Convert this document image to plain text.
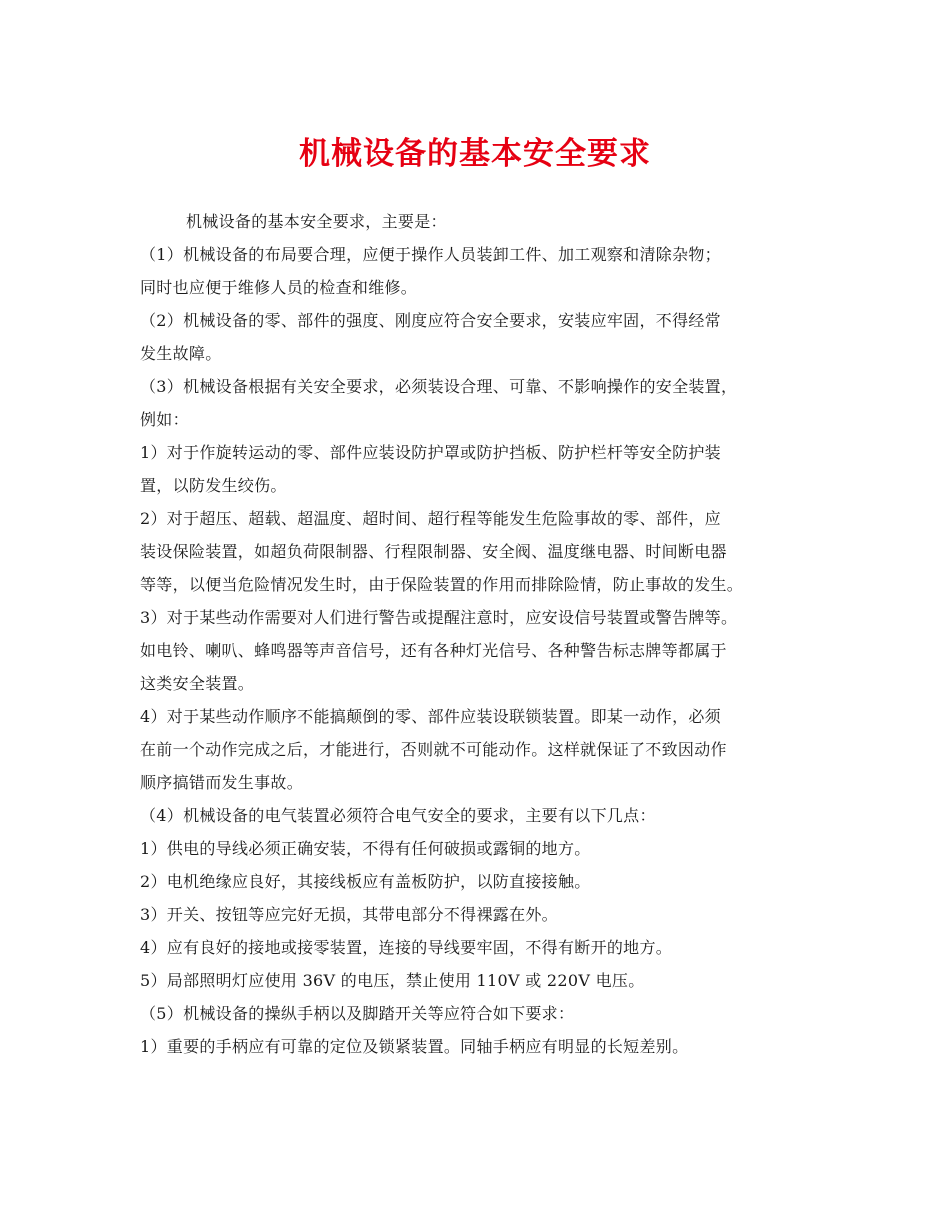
机械设备的基本安全要求
机械设备的基本安全要求，主要是：
（1）机械设备的布局要合理，应便于操作人员装卸工件、加工观察和清除杂物；
同时也应便于维修人员的检查和维修。
（2）机械设备的零、部件的强度、刚度应符合安全要求，安装应牢固，不得经常
发生故障。
（3）机械设备根据有关安全要求，必须装设合理、可靠、不影响操作的安全装置，
例如：
1）对于作旋转运动的零、部件应装设防护罩或防护挡板、防护栏杆等安全防护装
置，以防发生绞伤。
2）对于超压、超载、超温度、超时间、超行程等能发生危险事故的零、部件，应
装设保险装置，如超负荷限制器、行程限制器、安全阀、温度继电器、时间断电器
等等，以便当危险情况发生时，由于保险装置的作用而排除险情，防止事故的发生。
3）对于某些动作需要对人们进行警告或提醒注意时，应安设信号装置或警告牌等。
如电铃、喇叭、蜂鸣器等声音信号，还有各种灯光信号、各种警告标志牌等都属于
这类安全装置。
4）对于某些动作顺序不能搞颠倒的零、部件应装设联锁装置。即某一动作，必须
在前一个动作完成之后，才能进行，否则就不可能动作。这样就保证了不致因动作
顺序搞错而发生事故。
（4）机械设备的电气装置必须符合电气安全的要求，主要有以下几点：
1）供电的导线必须正确安装，不得有任何破损或露铜的地方。
2）电机绝缘应良好，其接线板应有盖板防护，以防直接接触。
3）开关、按钮等应完好无损，其带电部分不得裸露在外。
4）应有良好的接地或接零装置，连接的导线要牢固，不得有断开的地方。
5）局部照明灯应使用 36V 的电压，禁止使用 110V 或 220V 电压。
（5）机械设备的操纵手柄以及脚踏开关等应符合如下要求：
1）重要的手柄应有可靠的定位及锁紧装置。同轴手柄应有明显的长短差别。
